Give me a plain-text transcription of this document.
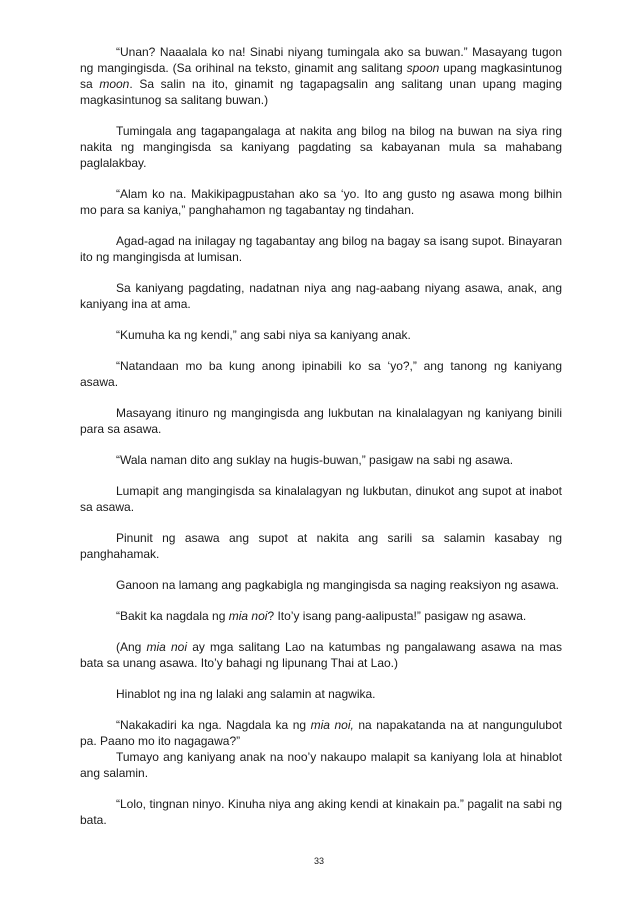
“Unan? Naaalala ko na! Sinabi niyang tumingala ako sa buwan.” Masayang tugon ng mangingisda. (Sa orihinal na teksto, ginamit ang salitang spoon upang magkasintunog sa moon. Sa salin na ito, ginamit ng tagapagsalin ang salitang unan upang maging magkasintunog sa salitang buwan.)

Tumingala ang tagapangalaga at nakita ang bilog na bilog na buwan na siya ring nakita ng mangingisda sa kaniyang pagdating sa kabayanan mula sa mahabang paglalakbay.

“Alam ko na. Makikipagpustahan ako sa ‘yo. Ito ang gusto ng asawa mong bilhin mo para sa kaniya,” panghahamon ng tagabantay ng tindahan.

Agad-agad na inilagay ng tagabantay ang bilog na bagay sa isang supot. Binayaran ito ng mangingisda at lumisan.

Sa kaniyang pagdating, nadatnan niya ang nag-aabang niyang asawa, anak, ang kaniyang ina at ama.

“Kumuha ka ng kendi,” ang sabi niya sa kaniyang anak.

“Natandaan mo ba kung anong ipinabili ko sa ‘yo?,” ang tanong ng kaniyang asawa.

Masayang itinuro ng mangingisda ang lukbutan na kinalalagyan ng kaniyang binili para sa asawa.

“Wala naman dito ang suklay na hugis-buwan,” pasigaw na sabi ng asawa.

Lumapit ang mangingisda sa kinalalagyan ng lukbutan, dinukot ang supot at inabot sa asawa.

Pinunit ng asawa ang supot at nakita ang sarili sa salamin kasabay ng panghahamak.

Ganoon na lamang ang pagkabigla ng mangingisda sa naging reaksiyon ng asawa.

“Bakit ka nagdala ng mia noi? Ito’y isang pang-aalipusta!” pasigaw ng asawa.

(Ang mia noi ay mga salitang Lao na katumbas ng pangalawang asawa na mas bata sa unang asawa. Ito’y bahagi ng lipunang Thai at Lao.)

Hinablot ng ina ng lalaki ang salamin at nagwika.

“Nakakadiri ka nga. Nagdala ka ng mia noi, na napakatanda na at nangungulubot pa. Paano mo ito nagagawa?”

Tumayo ang kaniyang anak na noo’y nakaupo malapit sa kaniyang lola at hinablot ang salamin.

“Lolo, tingnan ninyo. Kinuha niya ang aking kendi at kinakain pa.” pagalit na sabi ng bata.

33
